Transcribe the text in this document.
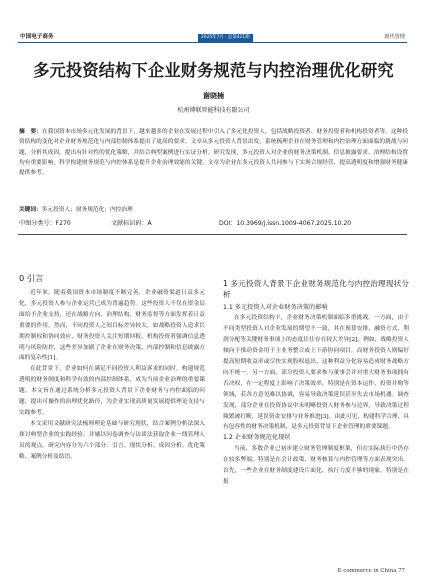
中国电子商务	2025年7月 · 总第421期	现代管理
多元投资结构下企业财务规范与内控治理优化研究
谢晓楠
杭州博联智能科技有限公司
摘　要：在我国资本市场多元化发展的背景下，越来越多的企业在发展过程中引入了多元化投资人，包括战略投资者、财务投资者和机构投资者等。这种投资结构的变化对企业财务规范化与内部控制体系提出了更高的要求。文章从多元投资人背景出发，系统梳理企业在财务管理和内控治理方面面临的挑战与问题，分析其成因，提出有针对性的优化策略，并结合典型案例进行实证分析。研究发现，多元投资人对企业的财务决策机制、信息披露要求、治理结构设置均有重要影响，科学构建财务规范与内控体系是提升企业治理效能的关键。文章为企业在多元投资人共同参与下实现合规经营、提高透明度和增强财务健康提供参考。
关键词：多元投资人；财务规范化；内控治理
中图分类号：F270	文献标识码：A	DOI：10.3969/j.issn.1009-4067.2025.10.20
0 引言

近年来，随着我国资本市场制度不断完善，企业融资渠道日益多元化，多元投资人参与企业运营已成为普遍趋势。这些投资人不仅在资金层面给予企业支持，还在战略方向、治理结构、财务监督等方面发挥着日益重要的作用。然而，不同投资人之间目标差异较大，如战略投资人追求长期控制权和协同效应，财务投资人关注短期回报，机构投资者强调信息透明与风险防控，这些差异加剧了企业在财务决策、内部控制和信息披露方面的复杂性[1]。

在此背景下，企业如何在满足不同投资人利益诉求的同时，构建规范透明的财务制度和科学有效的内部控制体系，成为当前企业治理的重要课题。本文旨在通过系统分析多元投资人背景下企业财务与内控面临的问题，提出可操作的治理优化路径，为企业实现高质量发展提供理论支持与实践参考。

本文采用文献研究法梳理理论基础与研究现状，结合案例分析法深入探讨典型企业的实践经验，并辅以问卷调查与访谈法获取企业一线管理人员的观点。研究内容分为六个部分：引言、现状分析、成因分析、优化策略、案例分析及结语。

1 多元投资人背景下企业财务规范化与内控治理现状分析
1.1 多元投资人对企业财务决策的影响

在多元投资结构下，企业财务决策机制面临多重挑战。一方面，由于不同类型投资人对企业发展的期望不一致，其在预算安排、融资方式、利润分配等关键财务事项上的态度往往存在较大差异[2]。例如，战略投资人倾向于推动资金用于主业务整合或上下游协同项目，而财务投资人则偏好提高短期收益率或尽快实现股权退出，这种利益分化容易造成财务战略方向不统一。另一方面，部分投资人要求参与董事会并对重大财务事项拥有否决权，在一定程度上影响了决策效率，特别是在资本运作、投资并购等领域，若各方意见难以协调，容易导致决策延误甚至失去市场机遇。调查发现，部分企业在投资协议中未明晰投资人财务参与边界，导致决策过程频繁被打断，延误资金安排与业务推进[3]。由此可见，构建科学合理、具有包容性的财务决策机制，是多元投资背景下企业管理的重要课题。

1.2 企业财务规范化现状

当前，多数企业已初步建立财务管理制度框架，但在实际执行中仍存在较多弊端，特别是在会计政策、财务核算与内控管理等方面表现突出。首先，一些企业在财务制度建设片面化、执行力度不够的现象，特别是在报

E-commerce in China 77
